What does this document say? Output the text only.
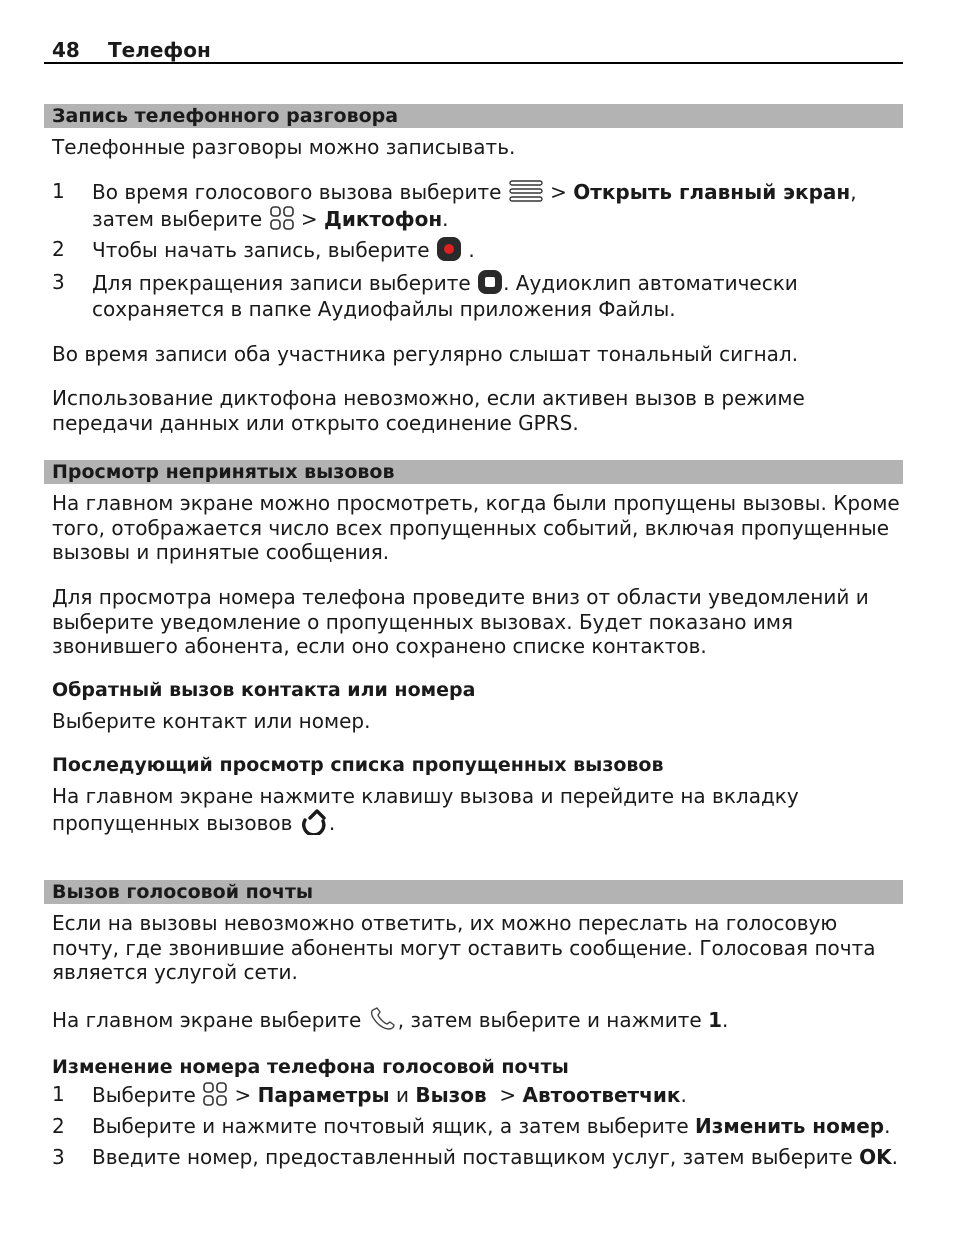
48 Телефон
Запись телефонного разговора
Телефонные разговоры можно записывать.
1 Во время голосового вызова выберите  > Открыть главный экран, затем выберите  > Диктофон.
2 Чтобы начать запись, выберите  .
3 Для прекращения записи выберите . Аудиоклип автоматически сохраняется в папке Аудиофайлы приложения Файлы.
Во время записи оба участника регулярно слышат тональный сигнал.
Использование диктофона невозможно, если активен вызов в режиме передачи данных или открыто соединение GPRS.
Просмотр непринятых вызовов
На главном экране можно просмотреть, когда были пропущены вызовы. Кроме того, отображается число всех пропущенных событий, включая пропущенные вызовы и принятые сообщения.
Для просмотра номера телефона проведите вниз от области уведомлений и выберите уведомление о пропущенных вызовах. Будет показано имя звонившего абонента, если оно сохранено списке контактов.
Обратный вызов контакта или номера
Выберите контакт или номер.
Последующий просмотр списка пропущенных вызовов
На главном экране нажмите клавишу вызова и перейдите на вкладку пропущенных вызовов .
Вызов голосовой почты
Если на вызовы невозможно ответить, их можно переслать на голосовую почту, где звонившие абоненты могут оставить сообщение. Голосовая почта является услугой сети.
На главном экране выберите , затем выберите и нажмите 1.
Изменение номера телефона голосовой почты
1 Выберите  > Параметры и Вызов  > Автоответчик.
2 Выберите и нажмите почтовый ящик, а затем выберите Изменить номер.
3 Введите номер, предоставленный поставщиком услуг, затем выберите OK.
